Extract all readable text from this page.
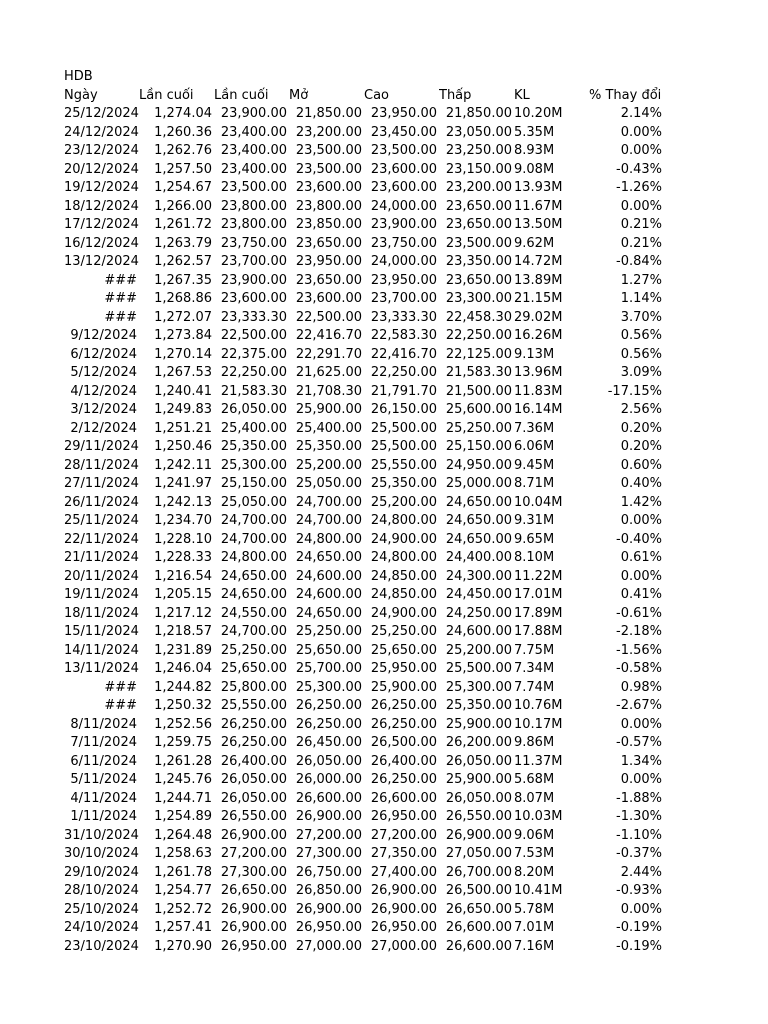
HDB
Ngày	Lần cuối	Lần cuối	Mở	Cao	Thấp	KL	% Thay đổi
25/12/2024	1,274.04 23,900.00 21,850.00 23,950.00 21,850.00 10.20M	2.14%
24/12/2024	1,260.36 23,400.00 23,200.00 23,450.00 23,050.00 5.35M	0.00%
23/12/2024	1,262.76 23,400.00 23,500.00 23,500.00 23,250.00 8.93M	0.00%
20/12/2024	1,257.50 23,400.00 23,500.00 23,600.00 23,150.00 9.08M	-0.43%
19/12/2024	1,254.67 23,500.00 23,600.00 23,600.00 23,200.00 13.93M	-1.26%
18/12/2024	1,266.00 23,800.00 23,800.00 24,000.00 23,650.00 11.67M	0.00%
17/12/2024	1,261.72 23,800.00 23,850.00 23,900.00 23,650.00 13.50M	0.21%
16/12/2024	1,263.79 23,750.00 23,650.00 23,750.00 23,500.00 9.62M	0.21%
13/12/2024	1,262.57 23,700.00 23,950.00 24,000.00 23,350.00 14.72M	-0.84%
###	1,267.35 23,900.00 23,650.00 23,950.00 23,650.00 13.89M	1.27%
###	1,268.86 23,600.00 23,600.00 23,700.00 23,300.00 21.15M	1.14%
###	1,272.07 23,333.30 22,500.00 23,333.30 22,458.30 29.02M	3.70%
9/12/2024	1,273.84 22,500.00 22,416.70 22,583.30 22,250.00 16.26M	0.56%
6/12/2024	1,270.14 22,375.00 22,291.70 22,416.70 22,125.00 9.13M	0.56%
5/12/2024	1,267.53 22,250.00 21,625.00 22,250.00 21,583.30 13.96M	3.09%
4/12/2024	1,240.41 21,583.30 21,708.30 21,791.70 21,500.00 11.83M	-17.15%
3/12/2024	1,249.83 26,050.00 25,900.00 26,150.00 25,600.00 16.14M	2.56%
2/12/2024	1,251.21 25,400.00 25,400.00 25,500.00 25,250.00 7.36M	0.20%
29/11/2024	1,250.46 25,350.00 25,350.00 25,500.00 25,150.00 6.06M	0.20%
28/11/2024	1,242.11 25,300.00 25,200.00 25,550.00 24,950.00 9.45M	0.60%
27/11/2024	1,241.97 25,150.00 25,050.00 25,350.00 25,000.00 8.71M	0.40%
26/11/2024	1,242.13 25,050.00 24,700.00 25,200.00 24,650.00 10.04M	1.42%
25/11/2024	1,234.70 24,700.00 24,700.00 24,800.00 24,650.00 9.31M	0.00%
22/11/2024	1,228.10 24,700.00 24,800.00 24,900.00 24,650.00 9.65M	-0.40%
21/11/2024	1,228.33 24,800.00 24,650.00 24,800.00 24,400.00 8.10M	0.61%
20/11/2024	1,216.54 24,650.00 24,600.00 24,850.00 24,300.00 11.22M	0.00%
19/11/2024	1,205.15 24,650.00 24,600.00 24,850.00 24,450.00 17.01M	0.41%
18/11/2024	1,217.12 24,550.00 24,650.00 24,900.00 24,250.00 17.89M	-0.61%
15/11/2024	1,218.57 24,700.00 25,250.00 25,250.00 24,600.00 17.88M	-2.18%
14/11/2024	1,231.89 25,250.00 25,650.00 25,650.00 25,200.00 7.75M	-1.56%
13/11/2024	1,246.04 25,650.00 25,700.00 25,950.00 25,500.00 7.34M	-0.58%
###	1,244.82 25,800.00 25,300.00 25,900.00 25,300.00 7.74M	0.98%
###	1,250.32 25,550.00 26,250.00 26,250.00 25,350.00 10.76M	-2.67%
8/11/2024	1,252.56 26,250.00 26,250.00 26,250.00 25,900.00 10.17M	0.00%
7/11/2024	1,259.75 26,250.00 26,450.00 26,500.00 26,200.00 9.86M	-0.57%
6/11/2024	1,261.28 26,400.00 26,050.00 26,400.00 26,050.00 11.37M	1.34%
5/11/2024	1,245.76 26,050.00 26,000.00 26,250.00 25,900.00 5.68M	0.00%
4/11/2024	1,244.71 26,050.00 26,600.00 26,600.00 26,050.00 8.07M	-1.88%
1/11/2024	1,254.89 26,550.00 26,900.00 26,950.00 26,550.00 10.03M	-1.30%
31/10/2024	1,264.48 26,900.00 27,200.00 27,200.00 26,900.00 9.06M	-1.10%
30/10/2024	1,258.63 27,200.00 27,300.00 27,350.00 27,050.00 7.53M	-0.37%
29/10/2024	1,261.78 27,300.00 26,750.00 27,400.00 26,700.00 8.20M	2.44%
28/10/2024	1,254.77 26,650.00 26,850.00 26,900.00 26,500.00 10.41M	-0.93%
25/10/2024	1,252.72 26,900.00 26,900.00 26,900.00 26,650.00 5.78M	0.00%
24/10/2024	1,257.41 26,900.00 26,950.00 26,950.00 26,600.00 7.01M	-0.19%
23/10/2024	1,270.90 26,950.00 27,000.00 27,000.00 26,600.00 7.16M	-0.19%
